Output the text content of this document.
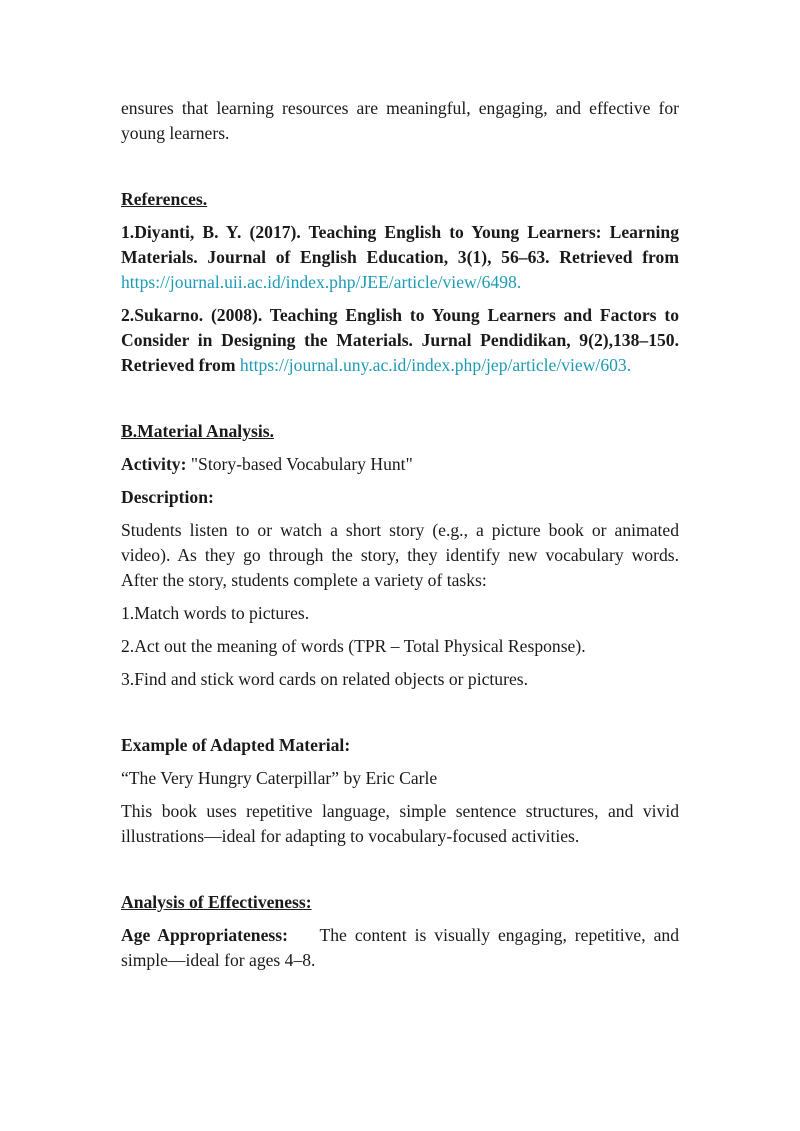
ensures that learning resources are meaningful, engaging, and effective for young learners.

References.

1.Diyanti, B. Y. (2017). Teaching English to Young Learners: Learning Materials. Journal of English Education, 3(1), 56–63. Retrieved from https://journal.uii.ac.id/index.php/JEE/article/view/6498.

2.Sukarno. (2008). Teaching English to Young Learners and Factors to Consider in Designing the Materials. Jurnal Pendidikan, 9(2),138–150. Retrieved from https://journal.uny.ac.id/index.php/jep/article/view/603.

B.Material Analysis.

Activity: "Story-based Vocabulary Hunt"

Description:

Students listen to or watch a short story (e.g., a picture book or animated video). As they go through the story, they identify new vocabulary words. After the story, students complete a variety of tasks:

1.Match words to pictures.

2.Act out the meaning of words (TPR – Total Physical Response).

3.Find and stick word cards on related objects or pictures.

Example of Adapted Material:

“The Very Hungry Caterpillar” by Eric Carle

This book uses repetitive language, simple sentence structures, and vivid illustrations—ideal for adapting to vocabulary-focused activities.

Analysis of Effectiveness:

Age Appropriateness: The content is visually engaging, repetitive, and simple—ideal for ages 4–8.
